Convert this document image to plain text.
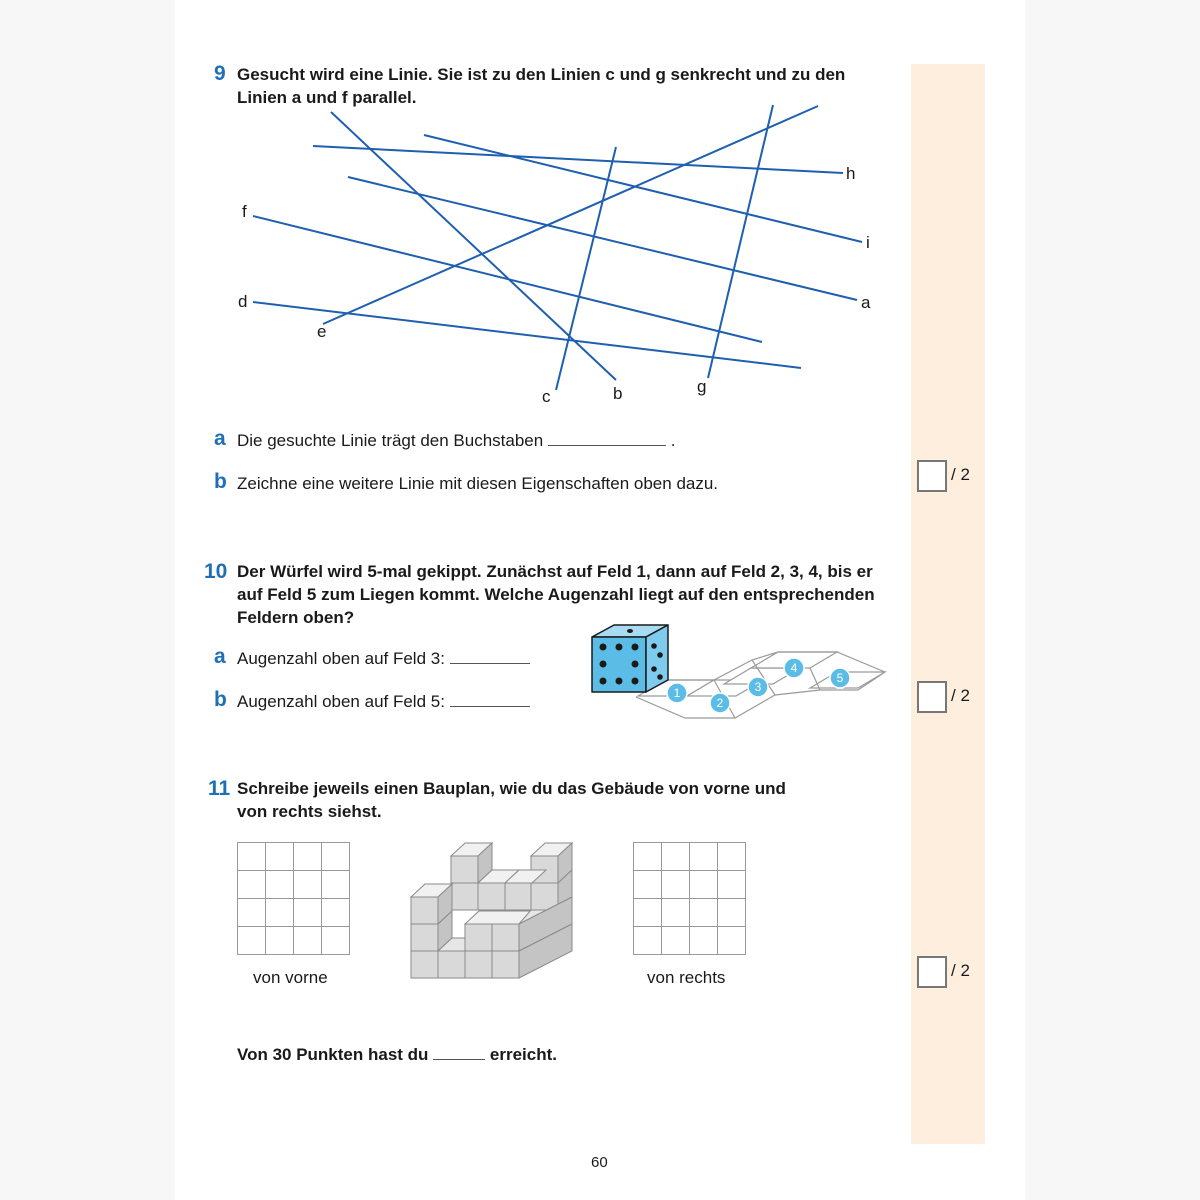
9 Gesucht wird eine Linie. Sie ist zu den Linien c und g senkrecht und zu den
Linien a und f parallel.
h
i
a
f
d
e
c	b	g
a Die gesuchte Linie trägt den Buchstaben	.
b Zeichne eine weitere Linie mit diesen Eigenschaften oben dazu.	/ 2
10 Der Würfel wird 5-mal gekippt. Zunächst auf Feld 1, dann auf Feld 2, 3, 4, bis er
auf Feld 5 zum Liegen kommt. Welche Augenzahl liegt auf den entsprechenden
Feldern oben?
a Augenzahl oben auf Feld 3:
b Augenzahl oben auf Feld 5:	1
2
3
4
5
/ 2
11 Schreibe jeweils einen Bauplan, wie du das Gebäude von vorne und
von rechts siehst.
von vorne	von rechts	/ 2
Von 30 Punkten hast du	erreicht.
60
